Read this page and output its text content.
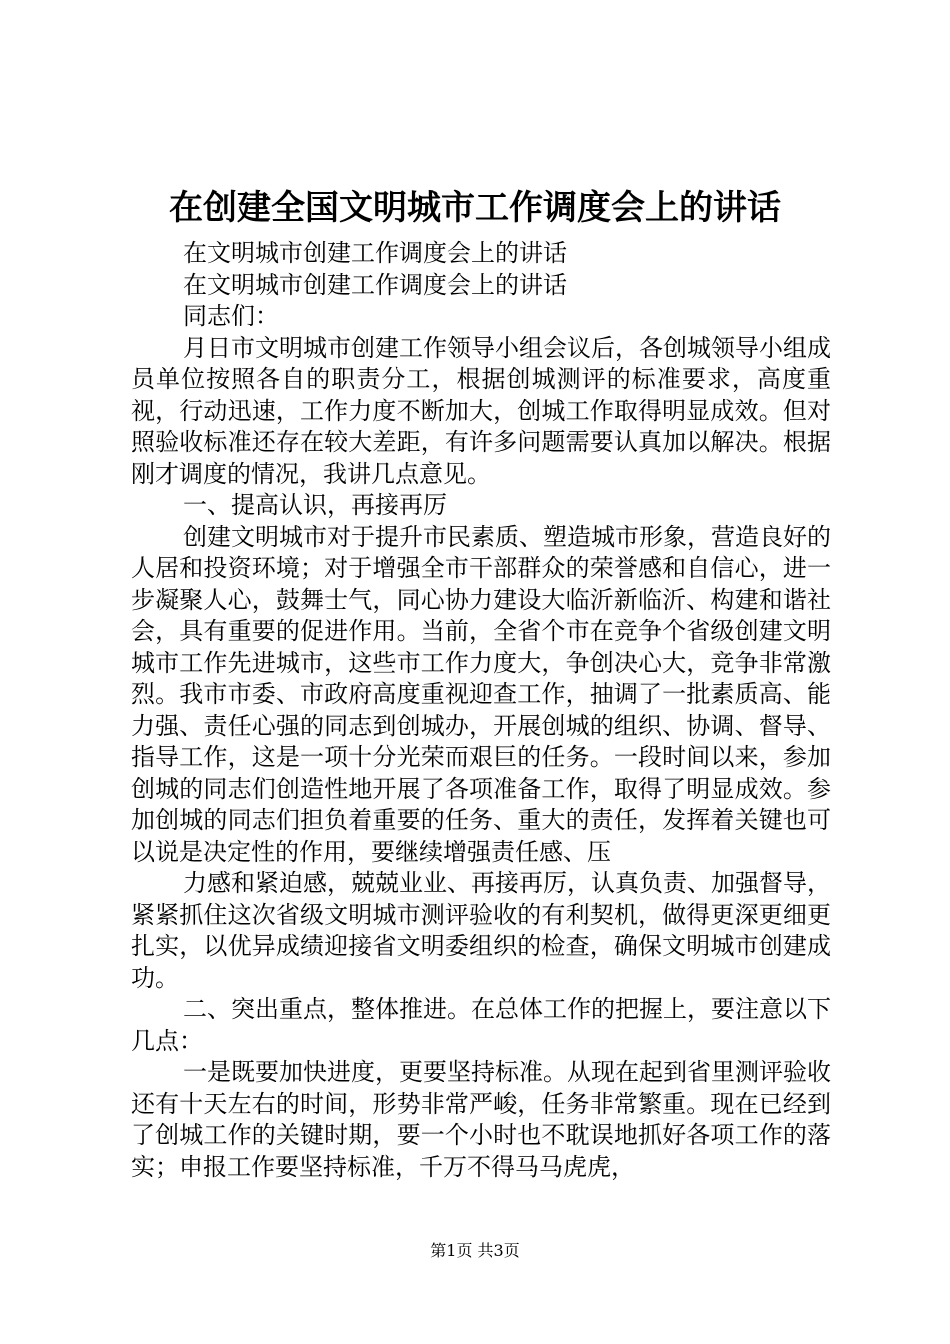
在创建全国文明城市工作调度会上的讲话

在文明城市创建工作调度会上的讲话

在文明城市创建工作调度会上的讲话

同志们：

月日市文明城市创建工作领导小组会议后，各创城领导小组成员单位按照各自的职责分工，根据创城测评的标准要求，高度重视，行动迅速，工作力度不断加大，创城工作取得明显成效。但对照验收标准还存在较大差距，有许多问题需要认真加以解决。根据刚才调度的情况，我讲几点意见。

一、提高认识，再接再厉

创建文明城市对于提升市民素质、塑造城市形象，营造良好的人居和投资环境；对于增强全市干部群众的荣誉感和自信心，进一步凝聚人心，鼓舞士气，同心协力建设大临沂新临沂、构建和谐社会，具有重要的促进作用。当前，全省个市在竞争个省级创建文明城市工作先进城市，这些市工作力度大，争创决心大，竞争非常激烈。我市市委、市政府高度重视迎查工作，抽调了一批素质高、能力强、责任心强的同志到创城办，开展创城的组织、协调、督导、指导工作，这是一项十分光荣而艰巨的任务。一段时间以来，参加创城的同志们创造性地开展了各项准备工作，取得了明显成效。参加创城的同志们担负着重要的任务、重大的责任，发挥着关键也可以说是决定性的作用，要继续增强责任感、压

力感和紧迫感，兢兢业业、再接再厉，认真负责、加强督导，紧紧抓住这次省级文明城市测评验收的有利契机，做得更深更细更扎实，以优异成绩迎接省文明委组织的检查，确保文明城市创建成功。

二、突出重点，整体推进。在总体工作的把握上，要注意以下几点：

一是既要加快进度，更要坚持标准。从现在起到省里测评验收还有十天左右的时间，形势非常严峻，任务非常繁重。现在已经到了创城工作的关键时期，要一个小时也不耽误地抓好各项工作的落实；申报工作要坚持标准，千万不得马马虎虎，

第1页 共3页
